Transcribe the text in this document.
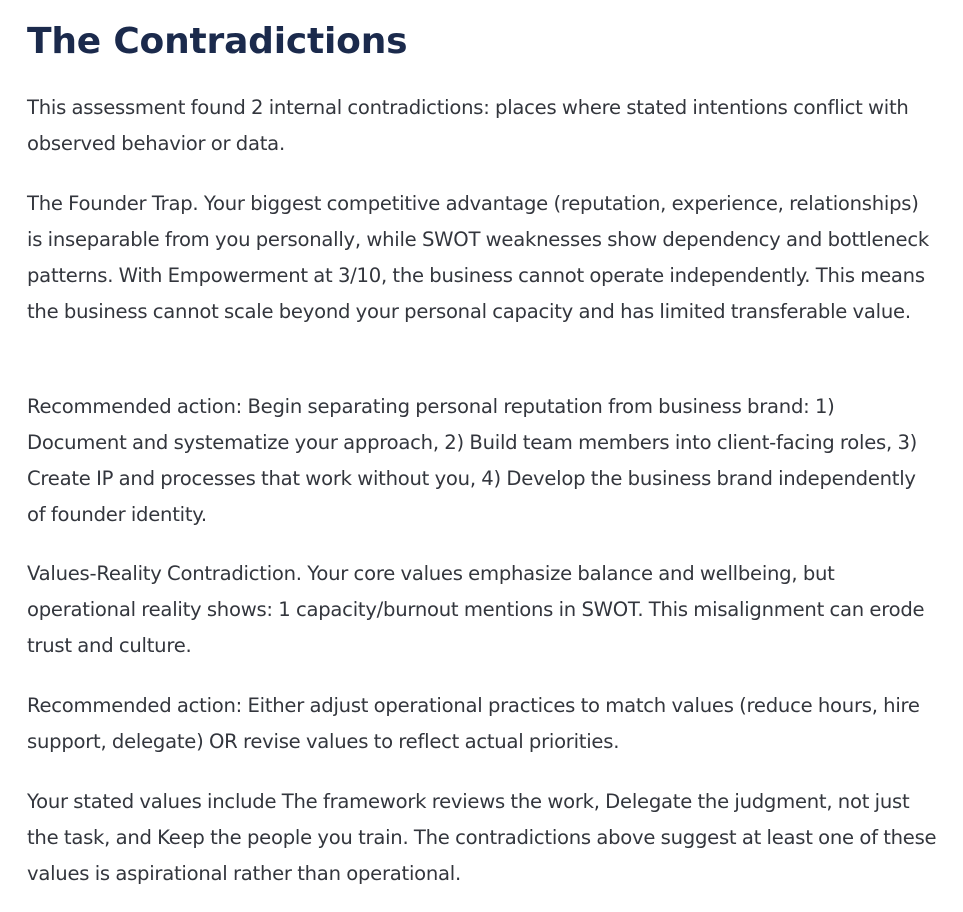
The Contradictions

This assessment found 2 internal contradictions: places where stated intentions conflict with observed behavior or data.

The Founder Trap. Your biggest competitive advantage (reputation, experience, relationships) is inseparable from you personally, while SWOT weaknesses show dependency and bottleneck patterns. With Empowerment at 3/10, the business cannot operate independently. This means the business cannot scale beyond your personal capacity and has limited transferable value.

Recommended action: Begin separating personal reputation from business brand: 1) Document and systematize your approach, 2) Build team members into client-facing roles, 3) Create IP and processes that work without you, 4) Develop the business brand independently of founder identity.

Values-Reality Contradiction. Your core values emphasize balance and wellbeing, but operational reality shows: 1 capacity/burnout mentions in SWOT. This misalignment can erode trust and culture.

Recommended action: Either adjust operational practices to match values (reduce hours, hire support, delegate) OR revise values to reflect actual priorities.

Your stated values include The framework reviews the work, Delegate the judgment, not just the task, and Keep the people you train. The contradictions above suggest at least one of these values is aspirational rather than operational.
